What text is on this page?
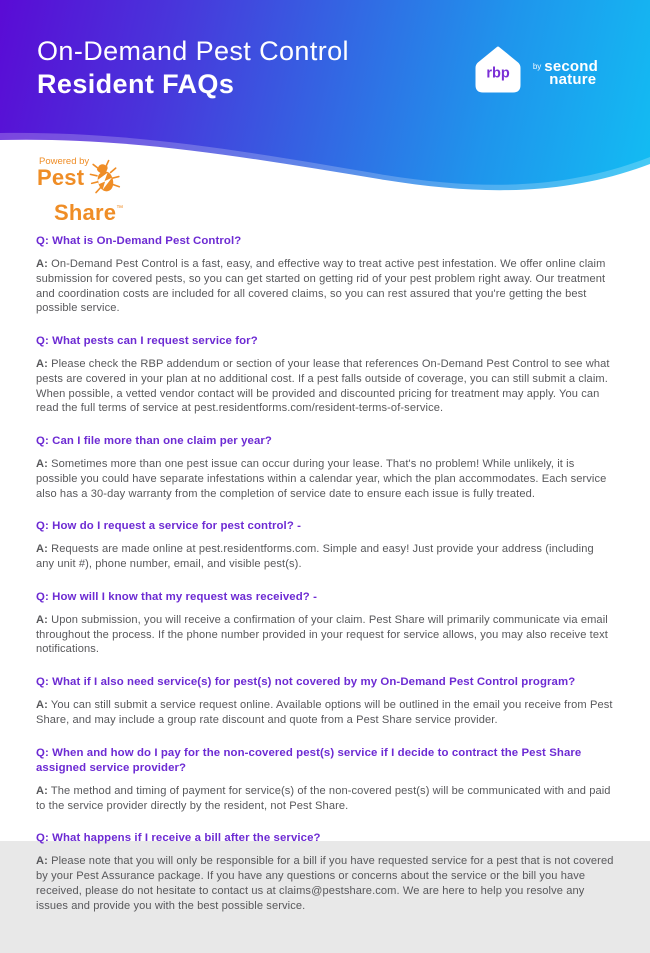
On-Demand Pest Control
Resident FAQs	rbp	by second
nature
Powered by
Pest
Share™

Q: What is On-Demand Pest Control?

A: On-Demand Pest Control is a fast, easy, and effective way to treat active pest infestation. We offer online claim submission for covered pests, so you can get started on getting rid of your pest problem right away. Our treatment and coordination costs are included for all covered claims, so you can rest assured that you're getting the best possible service.

Q: What pests can I request service for?

A: Please check the RBP addendum or section of your lease that references On-Demand Pest Control to see what pests are covered in your plan at no additional cost. If a pest falls outside of coverage, you can still submit a claim. When possible, a vetted vendor contact will be provided and discounted pricing for treatment may apply. You can read the full terms of service at pest.residentforms.com/resident-terms-of-service.

Q: Can I file more than one claim per year?

A: Sometimes more than one pest issue can occur during your lease. That's no problem! While unlikely, it is possible you could have separate infestations within a calendar year, which the plan accommodates. Each service also has a 30-day warranty from the completion of service date to ensure each issue is fully treated.

Q: How do I request a service for pest control? -

A: Requests are made online at pest.residentforms.com. Simple and easy! Just provide your address (including any unit #), phone number, email, and visible pest(s).

Q: How will I know that my request was received? -

A: Upon submission, you will receive a confirmation of your claim. Pest Share will primarily communicate via email throughout the process. If the phone number provided in your request for service allows, you may also receive text notifications.

Q: What if I also need service(s) for pest(s) not covered by my On-Demand Pest Control program?

A: You can still submit a service request online. Available options will be outlined in the email you receive from Pest Share, and may include a group rate discount and quote from a Pest Share service provider.

Q: When and how do I pay for the non-covered pest(s) service if I decide to contract the Pest Share assigned service provider?

A: The method and timing of payment for service(s) of the non-covered pest(s) will be communicated with and paid to the service provider directly by the resident, not Pest Share.

Q: What happens if I receive a bill after the service?

A: Please note that you will only be responsible for a bill if you have requested service for a pest that is not covered by your Pest Assurance package. If you have any questions or concerns about the service or the bill you have received, please do not hesitate to contact us at claims@pestshare.com. We are here to help you resolve any issues and provide you with the best possible service.
